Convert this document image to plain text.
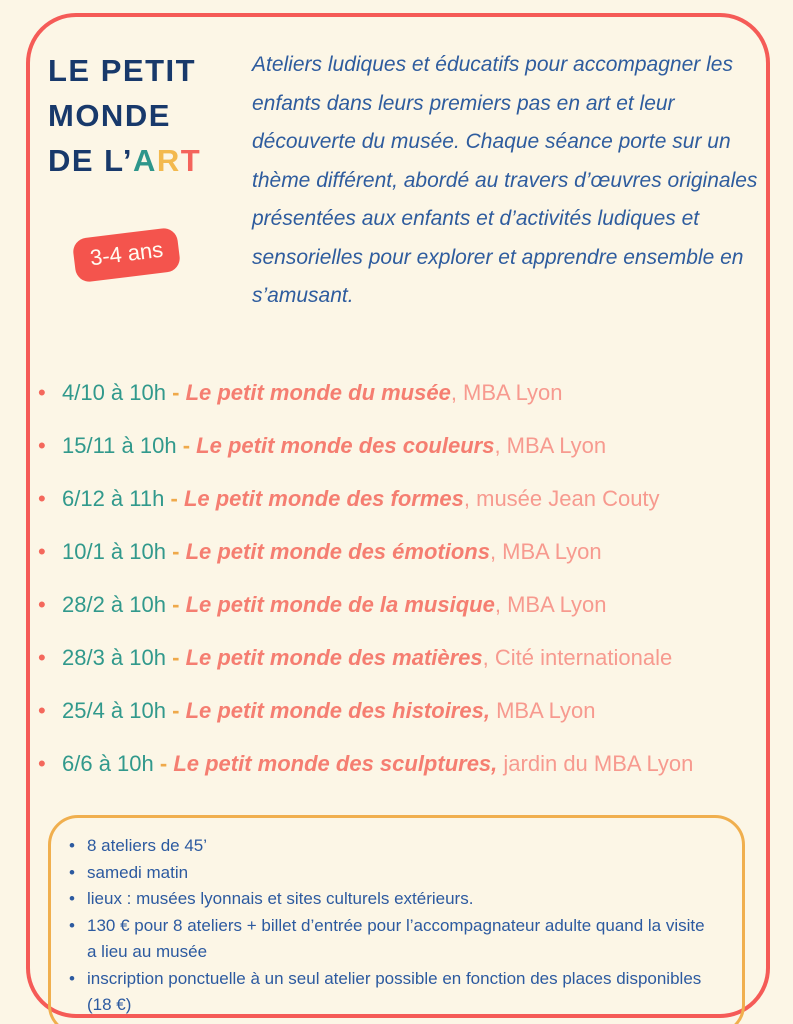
LE PETIT
MONDE
DE L’ART
3-4 ans

Ateliers ludiques et éducatifs pour accompagner les enfants dans leurs premiers pas en art et leur découverte du musée. Chaque séance porte sur un thème différent, abordé au travers d’œuvres originales présentées aux enfants et d’activités ludiques et sensorielles pour explorer et apprendre ensemble en s’amusant.

• 4/10 à 10h - Le petit monde du musée, MBA Lyon
• 15/11 à 10h - Le petit monde des couleurs, MBA Lyon
• 6/12 à 11h - Le petit monde des formes, musée Jean Couty
• 10/1 à 10h - Le petit monde des émotions, MBA Lyon
• 28/2 à 10h - Le petit monde de la musique, MBA Lyon
• 28/3 à 10h - Le petit monde des matières, Cité internationale
• 25/4 à 10h - Le petit monde des histoires, MBA Lyon
• 6/6 à 10h - Le petit monde des sculptures, jardin du MBA Lyon
• 8 ateliers de 45’
• samedi matin
• lieux : musées lyonnais et sites culturels extérieurs.
• 130 € pour 8 ateliers + billet d’entrée pour l’accompagnateur adulte quand la visite a lieu au musée
• inscription ponctuelle à un seul atelier possible en fonction des places disponibles (18 €)
